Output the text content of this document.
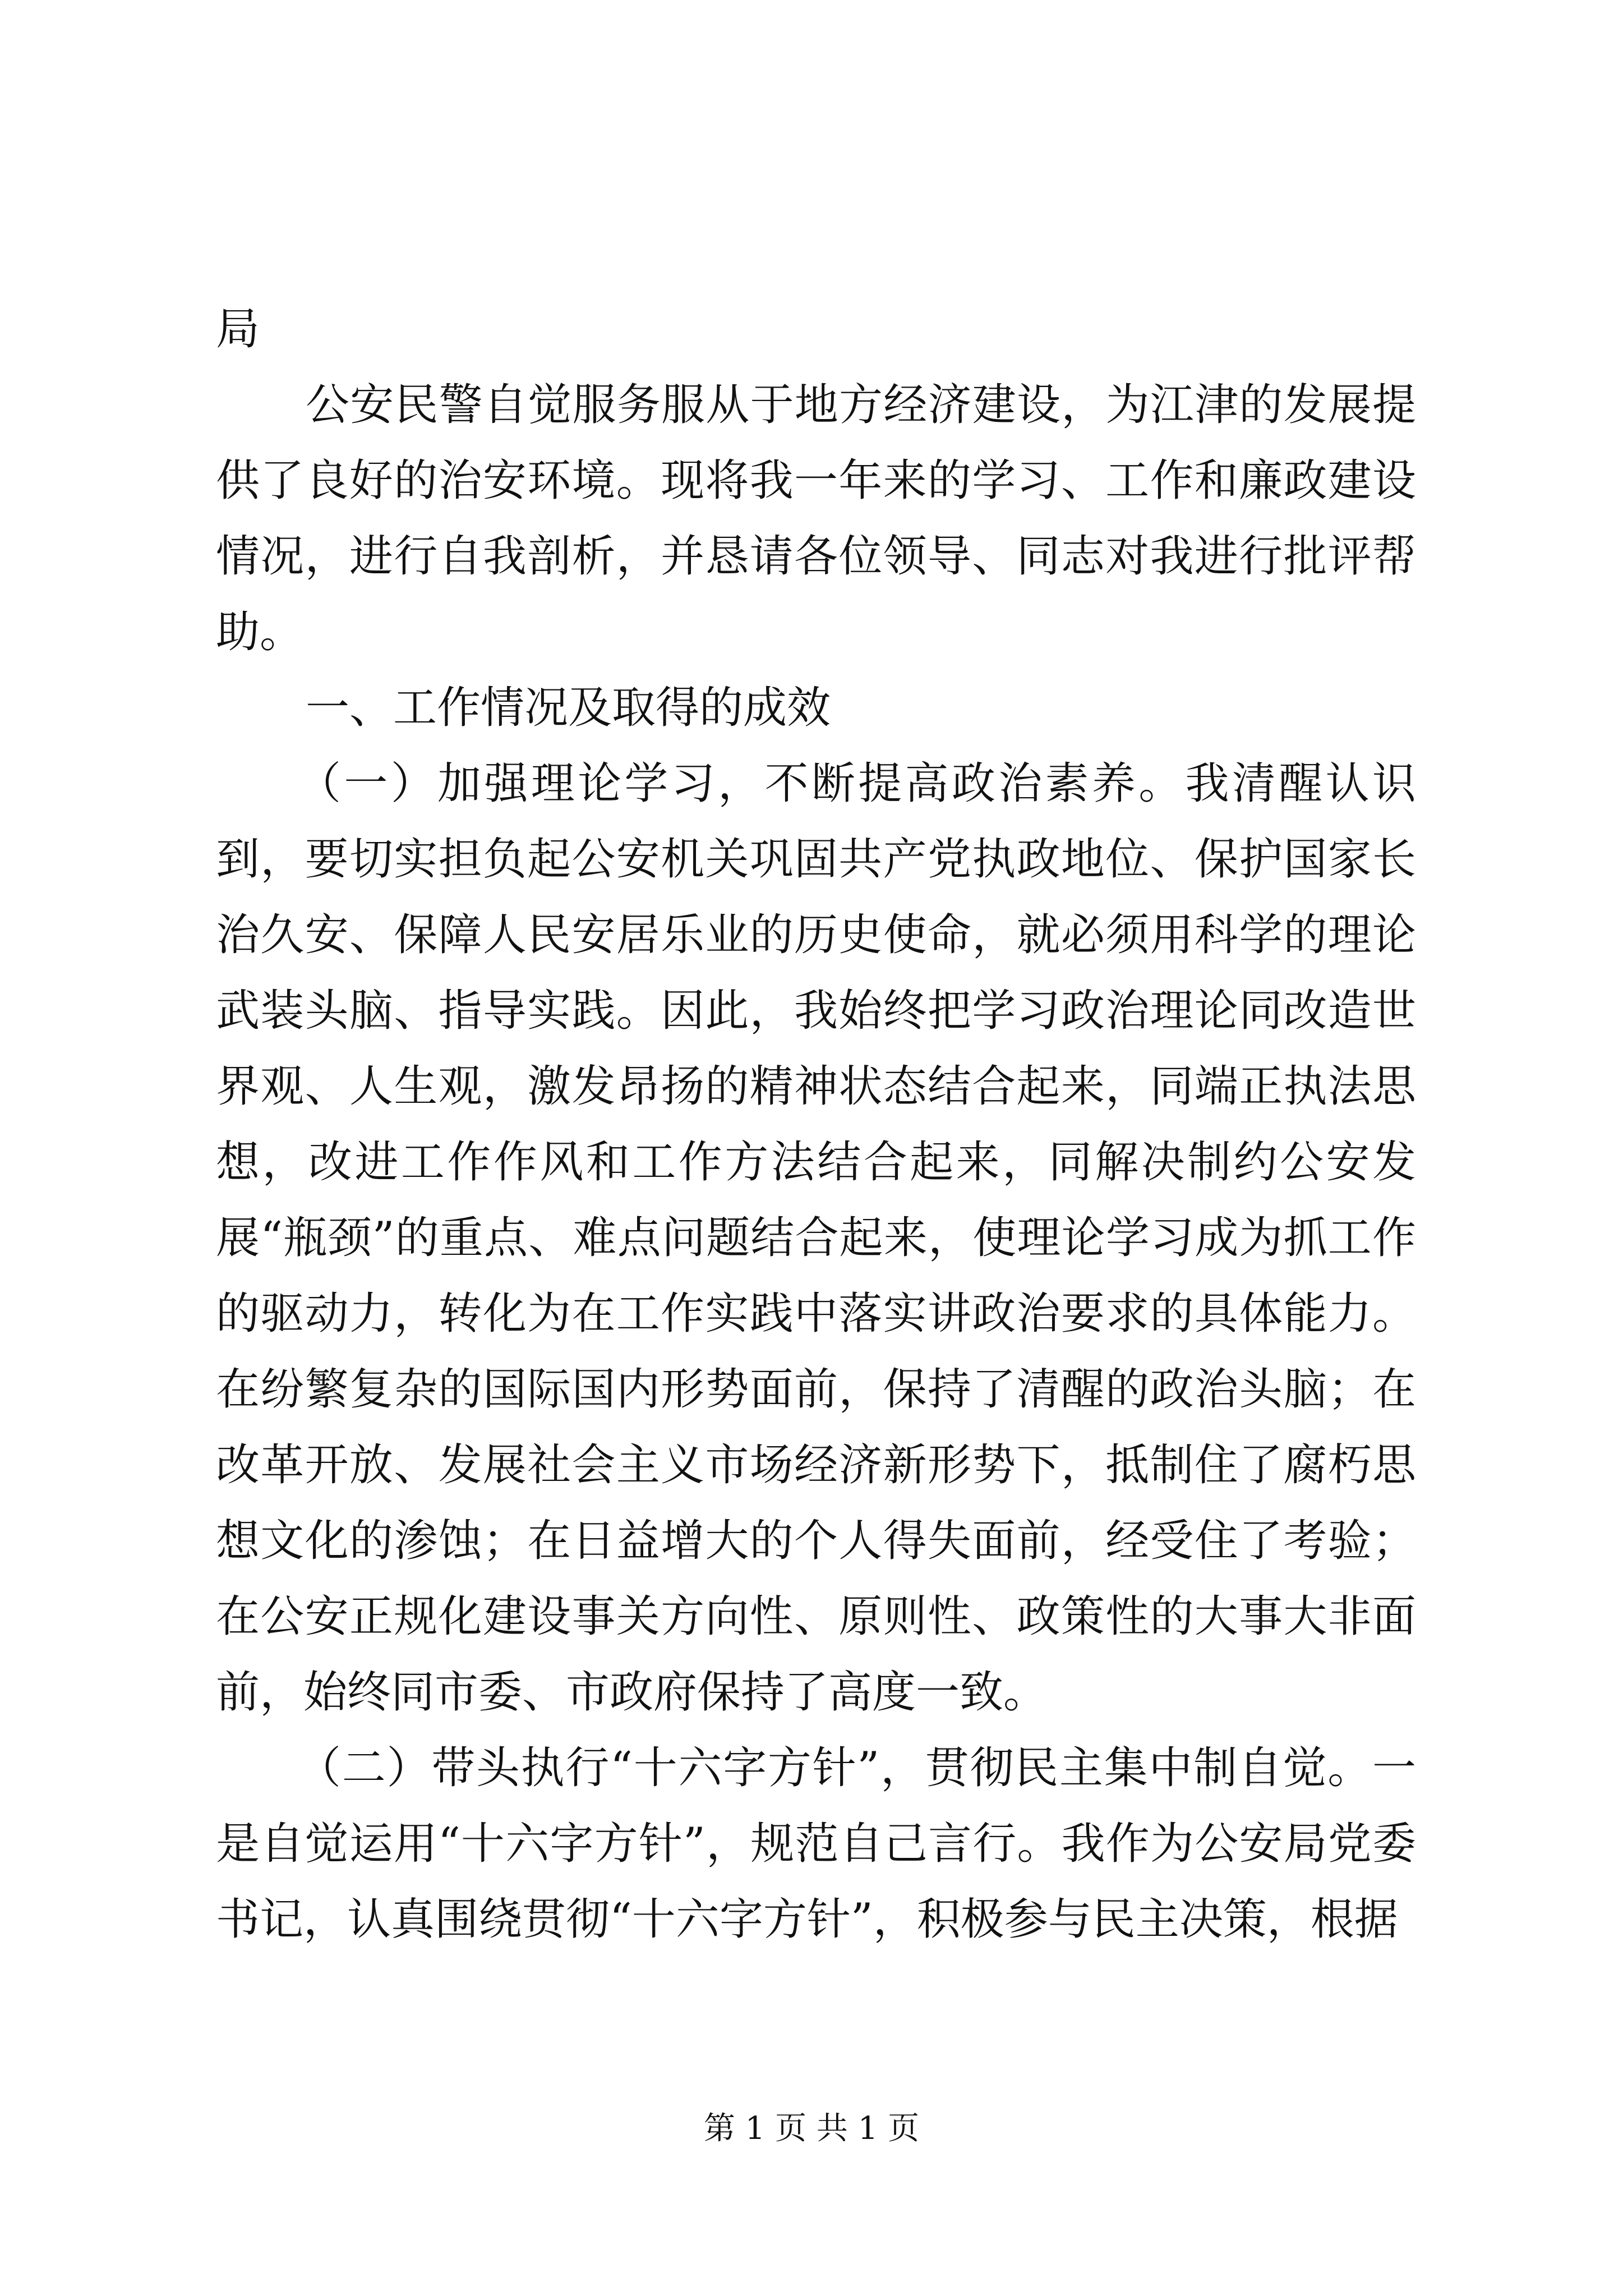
局

公安民警自觉服务服从于地方经济建设，为江津的发展提供了良好的治安环境。现将我一年来的学习、工作和廉政建设情况，进行自我剖析，并恳请各位领导、同志对我进行批评帮助。

一、工作情况及取得的成效

（一）加强理论学习，不断提高政治素养。我清醒认识到，要切实担负起公安机关巩固共产党执政地位、保护国家长治久安、保障人民安居乐业的历史使命，就必须用科学的理论武装头脑、指导实践。因此，我始终把学习政治理论同改造世界观、人生观，激发昂扬的精神状态结合起来，同端正执法思想，改进工作作风和工作方法结合起来，同解决制约公安发展“瓶颈”的重点、难点问题结合起来，使理论学习成为抓工作的驱动力，转化为在工作实践中落实讲政治要求的具体能力。在纷繁复杂的国际国内形势面前，保持了清醒的政治头脑；在改革开放、发展社会主义市场经济新形势下，抵制住了腐朽思想文化的渗蚀；在日益增大的个人得失面前，经受住了考验；在公安正规化建设事关方向性、原则性、政策性的大事大非面前，始终同市委、市政府保持了高度一致。

（二）带头执行“十六字方针”，贯彻民主集中制自觉。一是自觉运用“十六字方针”，规范自己言行。我作为公安局党委书记，认真围绕贯彻“十六字方针”，积极参与民主决策，根据

第 1 页 共 1 页
